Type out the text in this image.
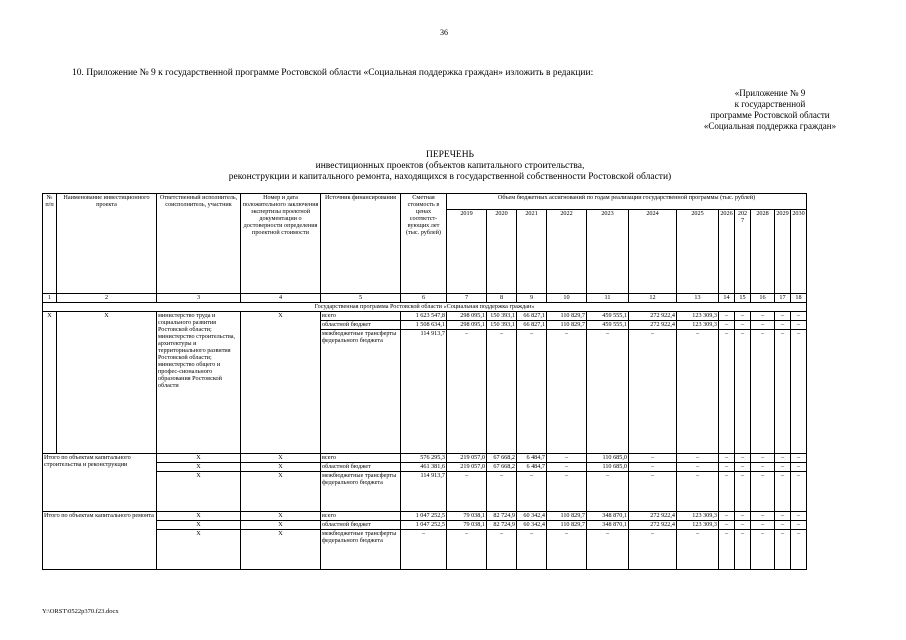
36
10. Приложение № 9 к государственной программе Ростовской области «Социальная поддержка граждан» изложить в редакции:
«Приложение № 9
к государственной
программе Ростовской области
«Социальная поддержка граждан»
ПЕРЕЧЕНЬ
инвестиционных проектов (объектов капитального строительства,
реконструкции и капитального ремонта, находящихся в государственной собственности Ростовской области)
№ п/п	Наименование инвестиционного проекта	Ответственный исполнитель, соисполнитель, участник	Номер и дата положительного заключения экспертизы проектной документации о достоверности определения проектной стоимости	Источник финансирования	Сметная стоимость в ценах соответст-вующих лет (тыс. рублей)	Объем бюджетных ассигнований по годам реализации государственной программы (тыс. рублей)											
						2019	2020	2021	2022	2023	2024	2025	2026	202 7	2028	2029	2030
1	2	3	4	5	6	7	8	9	10	11	12	13	14	15	16	17	18
Государственная программа Ростовской области «Социальная поддержка граждан»																	
X	X	министерство труда и социального развития Ростовской области; министерство строительства, архитектуры и территориального развития Ростовской области; министерство общего и профес-сионального образования Ростовской области	X	всего	1 623 547,8	298 095,1	150 393,1	66 827,1	110 829,7	459 555,1	272 922,4	123 309,3	–	–	–	–	–
				областной бюджет	1 508 634,1	298 095,1	150 393,1	66 827,1	110 829,7	459 555,1	272 922,4	123 309,3	–	–	–	–	–
				межбюджетные трансферты федерального бюджета	114 913,7	–	–	–	–	–	–	–	–	–	–	–	–
Итого по объектам капитального строительства и реконструкции		X	X	всего	576 295,3	219 057,0	67 668,2	6 484,7	–	110 685,0	–	–	–	–	–	–	–
		X	X	областной бюджет	461 381,6	219 057,0	67 668,2	6 484,7	–	110 685,0	–	–	–	–	–	–	–
		X	X	межбюджетные трансферты федерального бюджета	114 913,7	–	–	–	–	–	–	–	–	–	–	–	–
Итого по объектам капитального ремонта		X	X	всего	1 047 252,5	79 038,1	82 724,9	60 342,4	110 829,7	348 870,1	272 922,4	123 309,3	–	–	–	–	–
		X	X	областной бюджет	1 047 252,5	79 038,1	82 724,9	60 342,4	110 829,7	348 870,1	272 922,4	123 309,3	–	–	–	–	–
		X	X	межбюджетные трансферты федерального бюджета	–	–	–	–	–	–	–	–	–	–	–	–	–
Y:\ORST\0522p370.f23.docx
